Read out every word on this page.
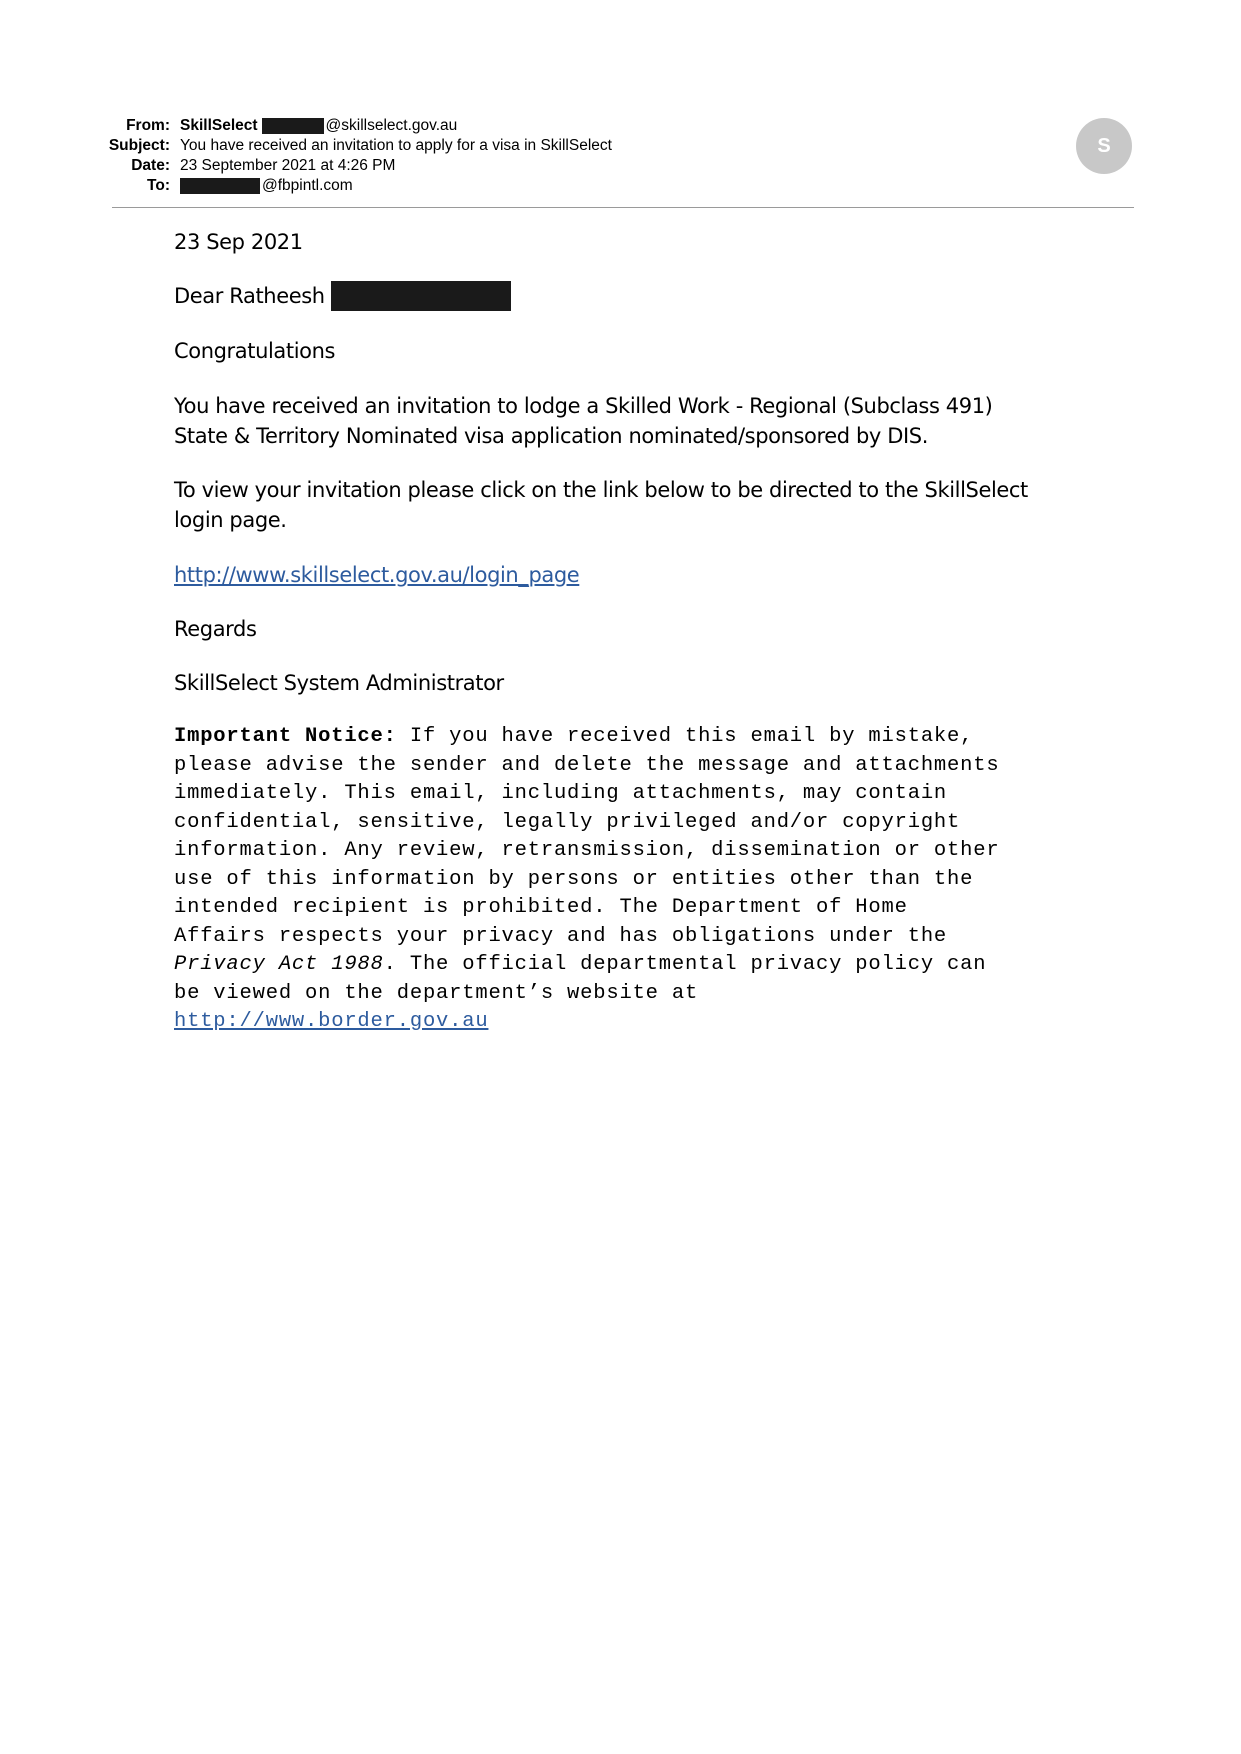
From: SkillSelect	@skillselect.gov.au
Subject: You have received an invitation to apply for a visa in SkillSelect
Date: 23 September 2021 at 4:26 PM
To:	@fbpintl.com
S
23 Sep 2021
Dear Ratheesh
Congratulations
You have received an invitation to lodge a Skilled Work - Regional (Subclass 491)
State & Territory Nominated visa application nominated/sponsored by DIS.
To view your invitation please click on the link below to be directed to the SkillSelect
login page.
http://www.skillselect.gov.au/login_page
Regards
SkillSelect System Administrator
Important Notice: If you have received this email by mistake,
please advise the sender and delete the message and attachments
immediately. This email, including attachments, may contain
confidential, sensitive, legally privileged and/or copyright
information. Any review, retransmission, dissemination or other
use of this information by persons or entities other than the
intended recipient is prohibited. The Department of Home
Affairs respects your privacy and has obligations under the
Privacy Act 1988. The official departmental privacy policy can
be viewed on the department’s website at
http://www.border.gov.au
